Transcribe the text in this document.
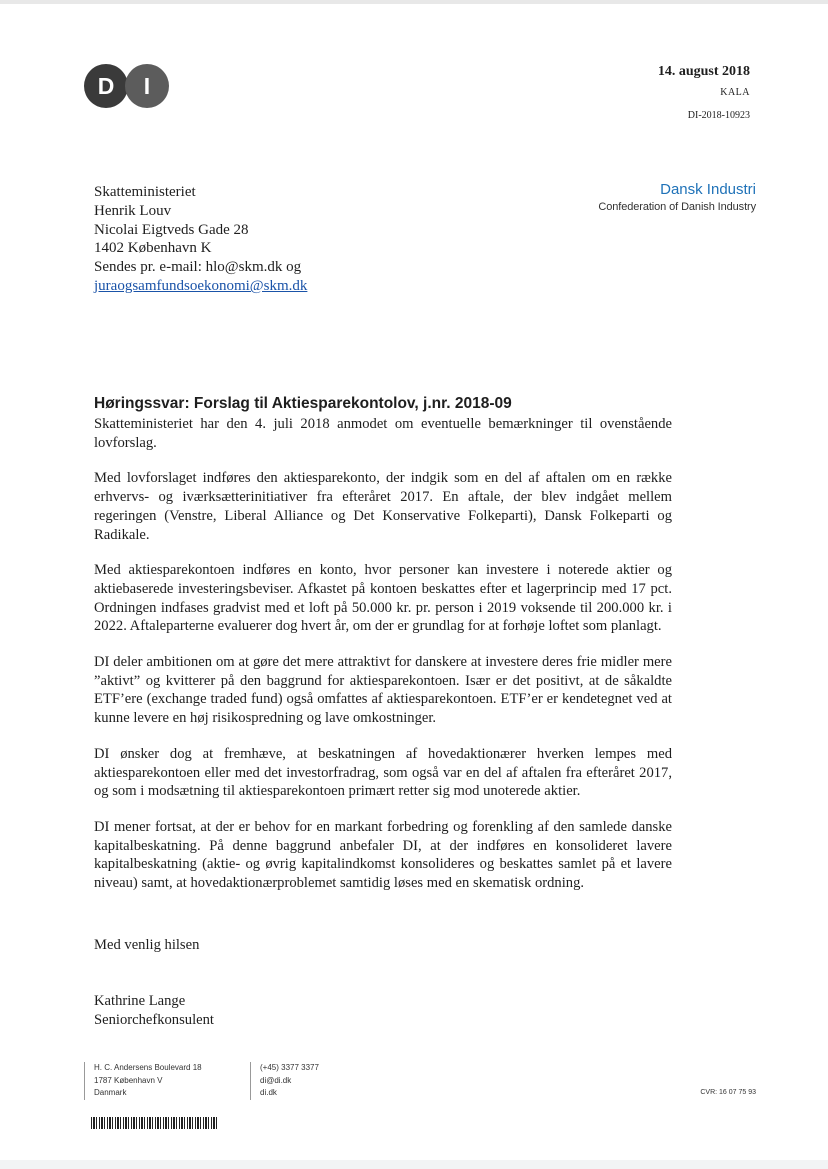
D	I
14. august 2018
KALA
DI-2018-10923
Dansk Industri
Confederation of Danish Industry
Skatteministeriet
Henrik Louv
Nicolai Eigtveds Gade 28
1402 København K
Sendes pr. e-mail: hlo@skm.dk og
juraogsamfundsoekonomi@skm.dk
Høringssvar: Forslag til Aktiesparekontolov, j.nr. 2018-09

Skatteministeriet har den 4. juli 2018 anmodet om eventuelle bemærkninger til ovenstående lovforslag.

Med lovforslaget indføres den aktiesparekonto, der indgik som en del af aftalen om en række erhvervs- og iværksætterinitiativer fra efteråret 2017. En aftale, der blev indgået mellem regeringen (Venstre, Liberal Alliance og Det Konservative Folkeparti), Dansk Folkeparti og Radikale.

Med aktiesparekontoen indføres en konto, hvor personer kan investere i noterede aktier og aktiebaserede investeringsbeviser. Afkastet på kontoen beskattes efter et lagerprincip med 17 pct. Ordningen indfases gradvist med et loft på 50.000 kr. pr. person i 2019 voksende til 200.000 kr. i 2022. Aftaleparterne evaluerer dog hvert år, om der er grundlag for at forhøje loftet som planlagt.

DI deler ambitionen om at gøre det mere attraktivt for danskere at investere deres frie midler mere ”aktivt” og kvitterer på den baggrund for aktiesparekontoen. Især er det positivt, at de såkaldte ETF’ere (exchange traded fund) også omfattes af aktiesparekontoen. ETF’er er kendetegnet ved at kunne levere en høj risikospredning og lave omkostninger.

DI ønsker dog at fremhæve, at beskatningen af hovedaktionærer hverken lempes med aktiesparekontoen eller med det investorfradrag, som også var en del af aftalen fra efteråret 2017, og som i modsætning til aktiesparekontoen primært retter sig mod unoterede aktier.

DI mener fortsat, at der er behov for en markant forbedring og forenkling af den samlede danske kapitalbeskatning. På denne baggrund anbefaler DI, at der indføres en konsolideret lavere kapitalbeskatning (aktie- og øvrig kapitalindkomst konsolideres og beskattes samlet på et lavere niveau) samt, at hovedaktionærproblemet samtidig løses med en skematisk ordning.

Med venlig hilsen
Kathrine Lange
Seniorchefkonsulent
H. C. Andersens Boulevard 18
1787 København V
Danmark
(+45) 3377 3377
di@di.dk
di.dk	CVR: 16 07 75 93
